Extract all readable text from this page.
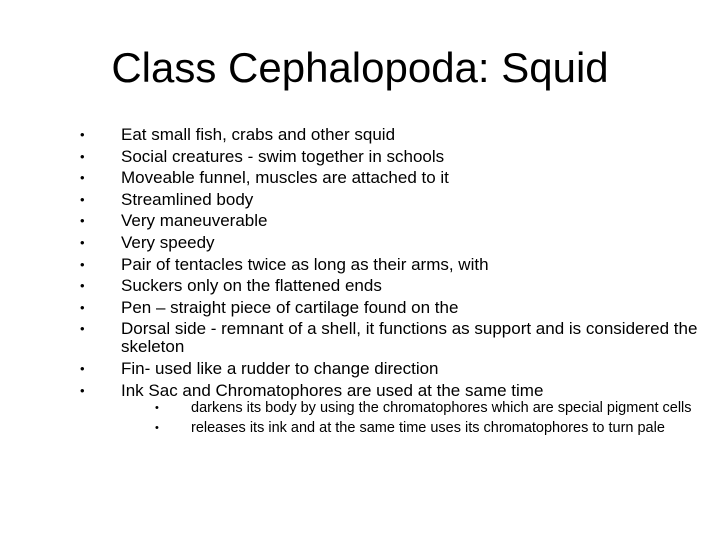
Class Cephalopoda: Squid
•	Eat small fish, crabs and other squid
•	Social creatures - swim together in schools
•	Moveable funnel, muscles are attached to it
•	Streamlined body
•	Very maneuverable
•	Very speedy
•	Pair of tentacles twice as long as their arms, with
•	Suckers only on the flattened ends
•	Pen – straight piece of cartilage found on the
•	Dorsal side - remnant of a shell, it functions as support and is considered the skeleton
•	Fin- used like a rudder to change direction
•	Ink Sac and Chromatophores are used at the same time
•	darkens its body by using the chromatophores which are special pigment cells
•	releases its ink and at the same time uses its chromatophores to turn pale
